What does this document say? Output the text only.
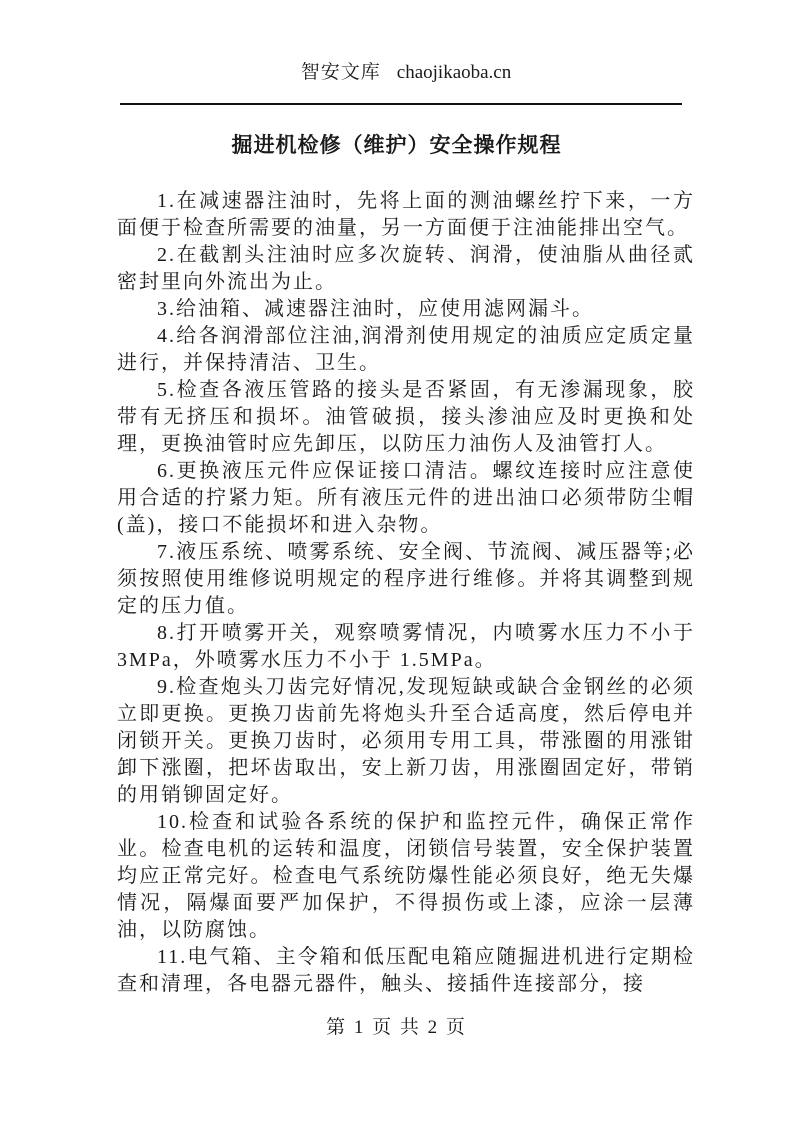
智安文库 chaojikaoba.cn
掘进机检修（维护）安全操作规程

1.在减速器注油时，先将上面的测油螺丝拧下来，一方面便于检查所需要的油量，另一方面便于注油能排出空气。

2.在截割头注油时应多次旋转、润滑，使油脂从曲径贰密封里向外流出为止。

3.给油箱、减速器注油时，应使用滤网漏斗。

4.给各润滑部位注油,润滑剂使用规定的油质应定质定量进行，并保持清洁、卫生。

5.检查各液压管路的接头是否紧固，有无渗漏现象，胶带有无挤压和损坏。油管破损，接头渗油应及时更换和处理，更换油管时应先卸压，以防压力油伤人及油管打人。

6.更换液压元件应保证接口清洁。螺纹连接时应注意使用合适的拧紧力矩。所有液压元件的进出油口必须带防尘帽(盖)，接口不能损坏和进入杂物。

7.液压系统、喷雾系统、安全阀、节流阀、减压器等;必须按照使用维修说明规定的程序进行维修。并将其调整到规定的压力值。

8.打开喷雾开关，观察喷雾情况，内喷雾水压力不小于3MPa，外喷雾水压力不小于 1.5MPa。

9.检查炮头刀齿完好情况,发现短缺或缺合金钢丝的必须立即更换。更换刀齿前先将炮头升至合适高度，然后停电并闭锁开关。更换刀齿时，必须用专用工具，带涨圈的用涨钳卸下涨圈，把坏齿取出，安上新刀齿，用涨圈固定好，带销的用销铆固定好。

10.检查和试验各系统的保护和监控元件，确保正常作业。检查电机的运转和温度，闭锁信号装置，安全保护装置均应正常完好。检查电气系统防爆性能必须良好，绝无失爆情况，隔爆面要严加保护，不得损伤或上漆，应涂一层薄油，以防腐蚀。

11.电气箱、主令箱和低压配电箱应随掘进机进行定期检查和清理，各电器元器件，触头、接插件连接部分，接

第 1 页 共 2 页
